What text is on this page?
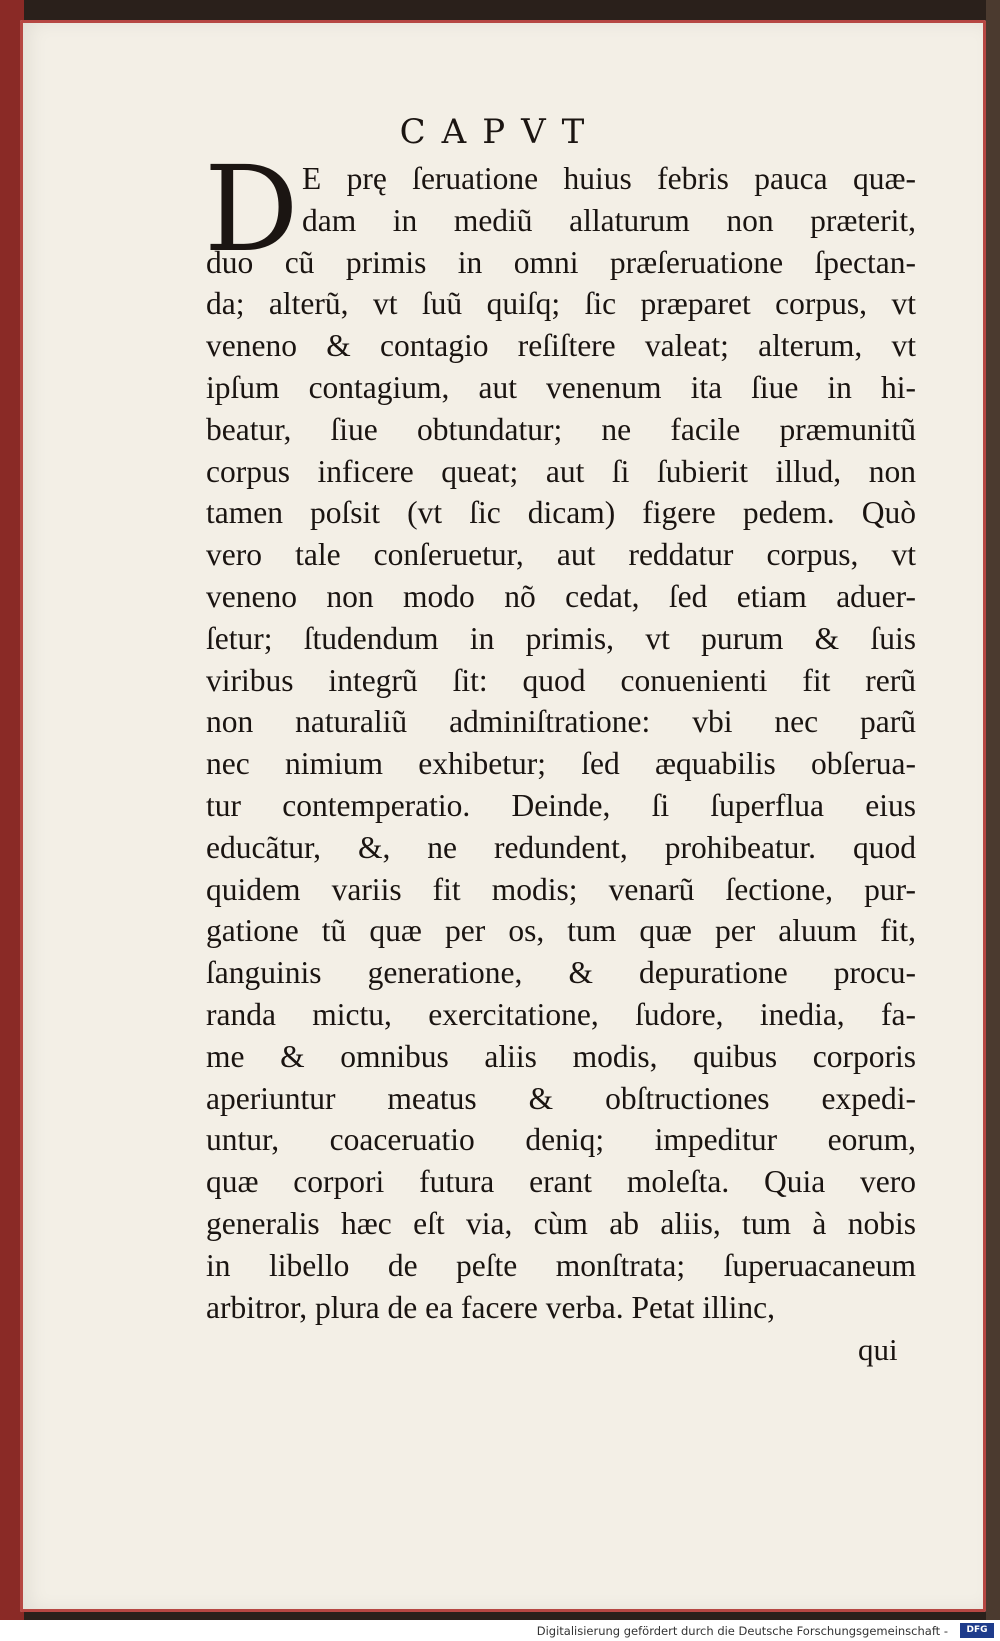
CAPVT
D E prę ſeruatione huius febris pauca quæ-
dam in mediũ allaturum non præterit,
duo cũ primis in omni præſeruatione ſpectan-
da; alterũ, vt ſuũ quiſq; ſic præparet corpus, vt
veneno & contagio reſiſtere valeat; alterum, vt
ipſum contagium, aut venenum ita ſiue in hi-
beatur, ſiue obtundatur; ne facile præmunitũ
corpus inficere queat; aut ſi ſubierit illud, non
tamen poſsit (vt ſic dicam) figere pedem. Quò
vero tale conſeruetur, aut reddatur corpus, vt
veneno non modo nõ cedat, ſed etiam aduer-
ſetur; ſtudendum in primis, vt purum & ſuis
viribus integrũ ſit: quod conuenienti fit rerũ
non naturaliũ adminiſtratione: vbi nec parũ
nec nimium exhibetur; ſed æquabilis obſerua-
tur contemperatio. Deinde, ſi ſuperflua eius
educãtur, &, ne redundent, prohibeatur. quod
quidem variis fit modis; venarũ ſectione, pur-
gatione tũ quæ per os, tum quæ per aluum fit,
ſanguinis generatione, & depuratione procu-
randa mictu, exercitatione, ſudore, inedia, fa-
me & omnibus aliis modis, quibus corporis
aperiuntur meatus & obſtructiones expedi-
untur, coaceruatio deniq; impeditur eorum,
quæ corpori futura erant moleſta. Quia vero
generalis hæc eſt via, cùm ab aliis, tum à nobis
in libello de peſte monſtrata; ſuperuacaneum
arbitror, plura de ea facere verba. Petat illinc,
qui
Digitalisierung gefördert durch die Deutsche Forschungsgemeinschaft -	DFG
